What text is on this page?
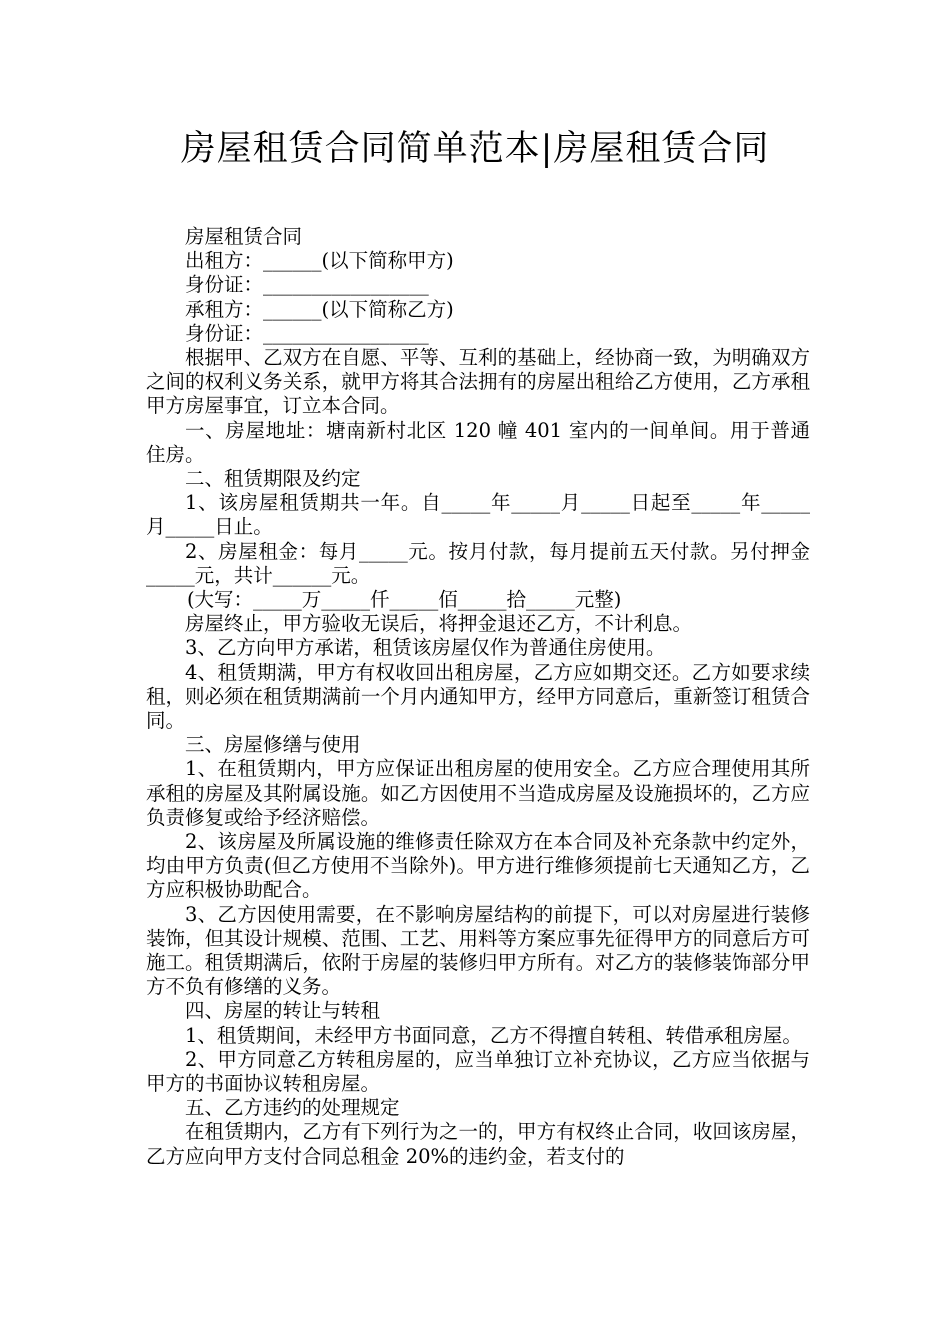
房屋租赁合同简单范本|房屋租赁合同
房屋租赁合同
出租方：______(以下简称甲方)
身份证：_________________
承租方：______(以下简称乙方)
身份证：_________________

根据甲、乙双方在自愿、平等、互利的基础上，经协商一致，为明确双方之间的权利义务关系，就甲方将其合法拥有的房屋出租给乙方使用，乙方承租甲方房屋事宜，订立本合同。

一、房屋地址：塘南新村北区 120 幢 401 室内的一间单间。用于普通住房。

二、租赁期限及约定

1、该房屋租赁期共一年。自_____年_____月_____日起至_____年_____月_____日止。

2、房屋租金：每月_____元。按月付款，每月提前五天付款。另付押金_____元，共计______元。

(大写：_____万_____仟_____佰_____拾_____元整)
房屋终止，甲方验收无误后，将押金退还乙方，不计利息。

3、乙方向甲方承诺，租赁该房屋仅作为普通住房使用。

4、租赁期满，甲方有权收回出租房屋，乙方应如期交还。乙方如要求续租，则必须在租赁期满前一个月内通知甲方，经甲方同意后，重新签订租赁合同。

三、房屋修缮与使用

1、在租赁期内，甲方应保证出租房屋的使用安全。乙方应合理使用其所承租的房屋及其附属设施。如乙方因使用不当造成房屋及设施损坏的，乙方应负责修复或给予经济赔偿。

2、该房屋及所属设施的维修责任除双方在本合同及补充条款中约定外，均由甲方负责(但乙方使用不当除外)。甲方进行维修须提前七天通知乙方，乙方应积极协助配合。

3、乙方因使用需要，在不影响房屋结构的前提下，可以对房屋进行装修装饰，但其设计规模、范围、工艺、用料等方案应事先征得甲方的同意后方可施工。租赁期满后，依附于房屋的装修归甲方所有。对乙方的装修装饰部分甲方不负有修缮的义务。

四、房屋的转让与转租

1、租赁期间，未经甲方书面同意，乙方不得擅自转租、转借承租房屋。

2、甲方同意乙方转租房屋的，应当单独订立补充协议，乙方应当依据与甲方的书面协议转租房屋。

五、乙方违约的处理规定

在租赁期内，乙方有下列行为之一的，甲方有权终止合同，收回该房屋，乙方应向甲方支付合同总租金 20%的违约金，若支付的
